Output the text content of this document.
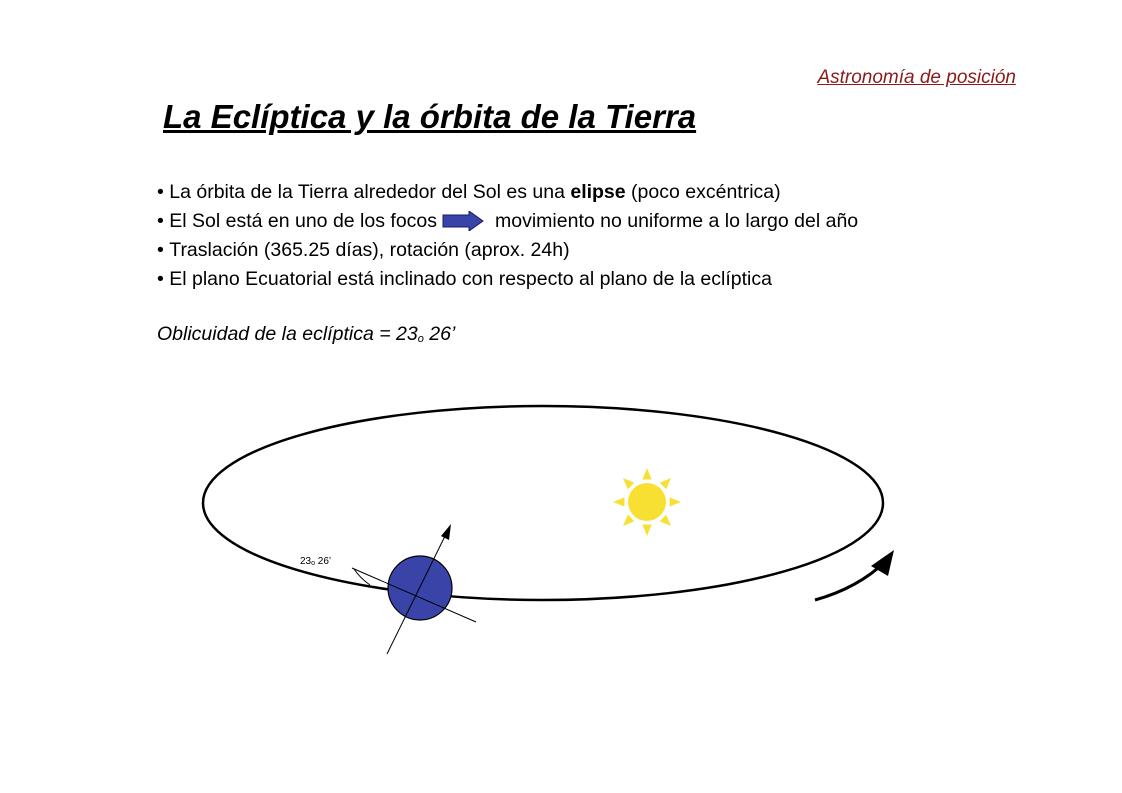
Astronomía de posición
La Eclíptica y la órbita de la Tierra
• La órbita de la Tierra alrededor del Sol es una elipse (poco excéntrica)
• El Sol está en uno de los focos	movimiento no uniforme a lo largo del año
• Traslación (365.25 días), rotación (aprox. 24h)
• El plano Ecuatorial está inclinado con respecto al plano de la eclíptica
Oblicuidad de la eclíptica = $23_o$ 26’
$23_o$ 26’
